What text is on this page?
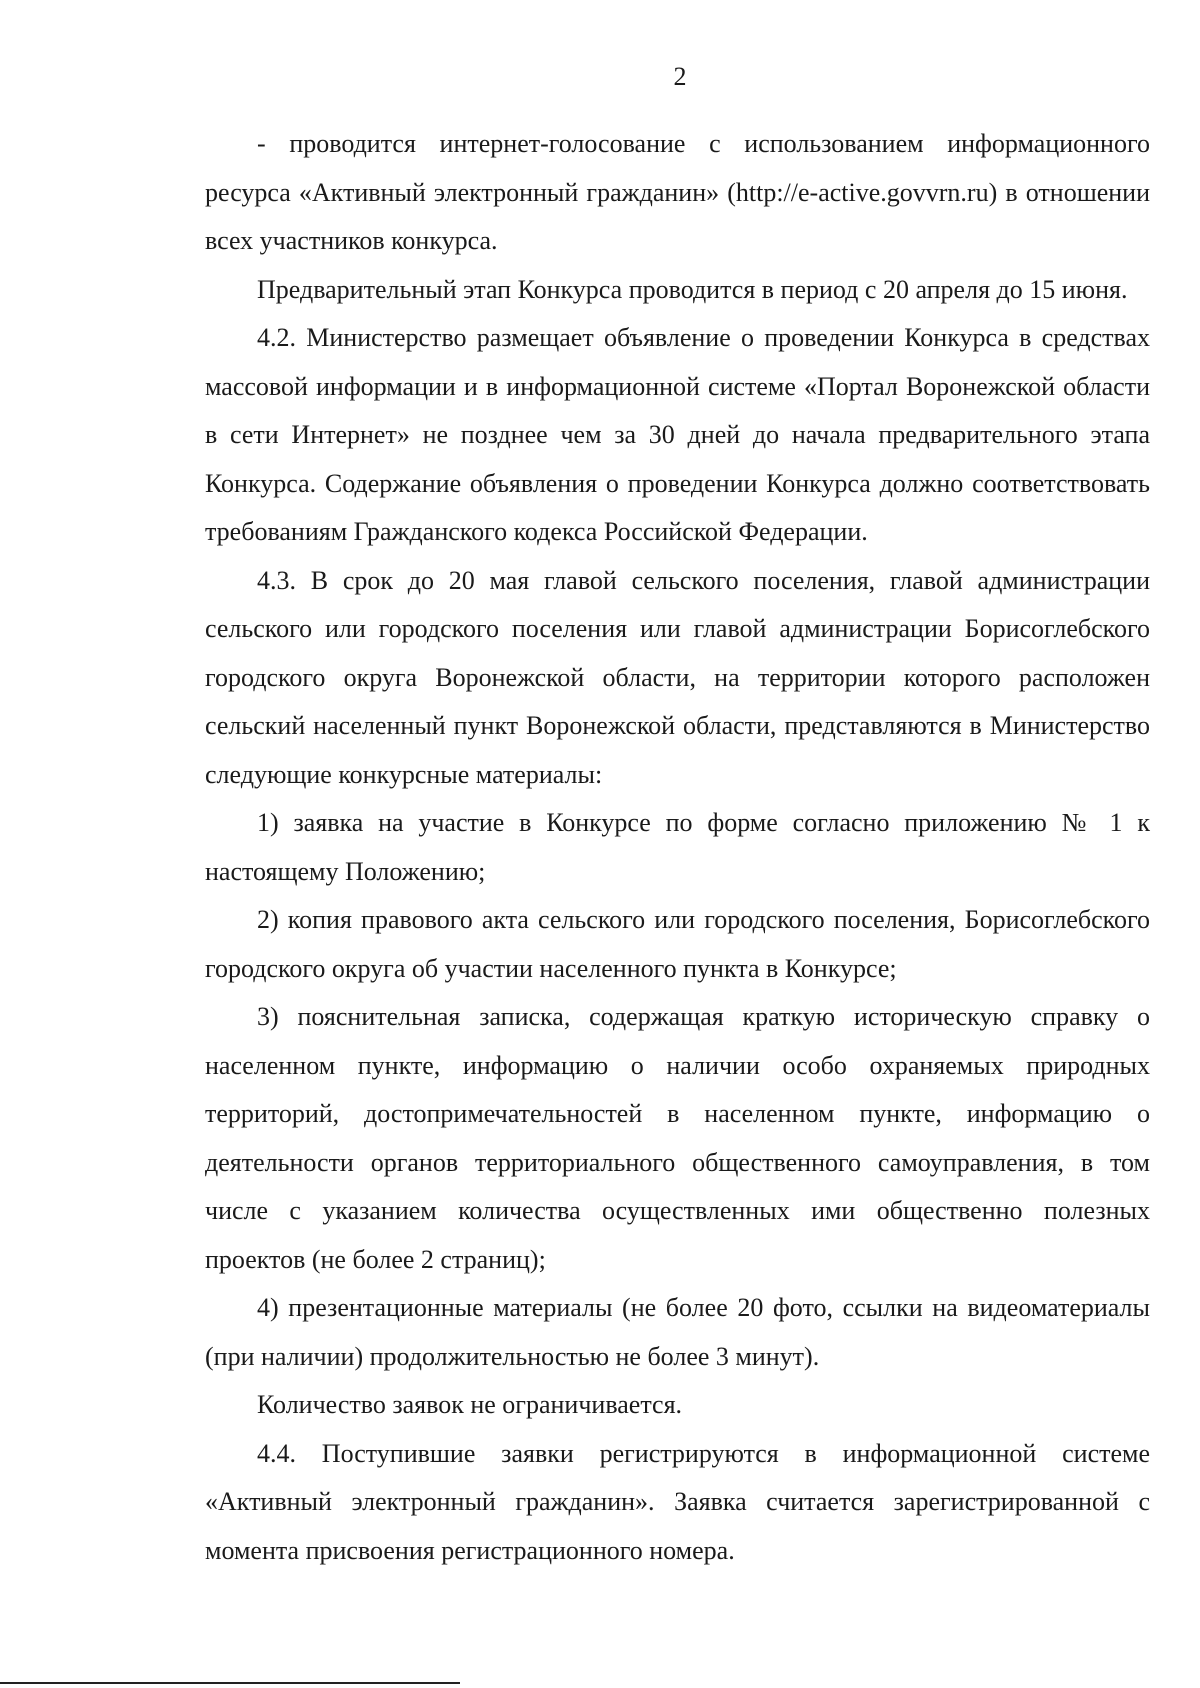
2

- проводится интернет-голосование с использованием информационного ресурса «Активный электронный гражданин» (http://e-active.govvrn.ru) в отношении всех участников конкурса.

Предварительный этап Конкурса проводится в период с 20 апреля до 15 июня.

4.2. Министерство размещает объявление о проведении Конкурса в средствах массовой информации и в информационной системе «Портал Воронежской области в сети Интернет» не позднее чем за 30 дней до начала предварительного этапа Конкурса. Содержание объявления о проведении Конкурса должно соответствовать требованиям Гражданского кодекса Российской Федерации.

4.3. В срок до 20 мая главой сельского поселения, главой администрации сельского или городского поселения или главой администрации Борисоглебского городского округа Воронежской области, на территории которого расположен сельский населенный пункт Воронежской области, представляются в Министерство следующие конкурсные материалы:

1) заявка на участие в Конкурсе по форме согласно приложению № 1 к настоящему Положению;

2) копия правового акта сельского или городского поселения, Борисоглебского городского округа об участии населенного пункта в Конкурсе;

3) пояснительная записка, содержащая краткую историческую справку о населенном пункте, информацию о наличии особо охраняемых природных территорий, достопримечательностей в населенном пункте, информацию о деятельности органов территориального общественного самоуправления, в том числе с указанием количества осуществленных ими общественно полезных проектов (не более 2 страниц);

4) презентационные материалы (не более 20 фото, ссылки на видеоматериалы (при наличии) продолжительностью не более 3 минут).

Количество заявок не ограничивается.

4.4. Поступившие заявки регистрируются в информационной системе «Активный электронный гражданин». Заявка считается зарегистрированной с момента присвоения регистрационного номера.
